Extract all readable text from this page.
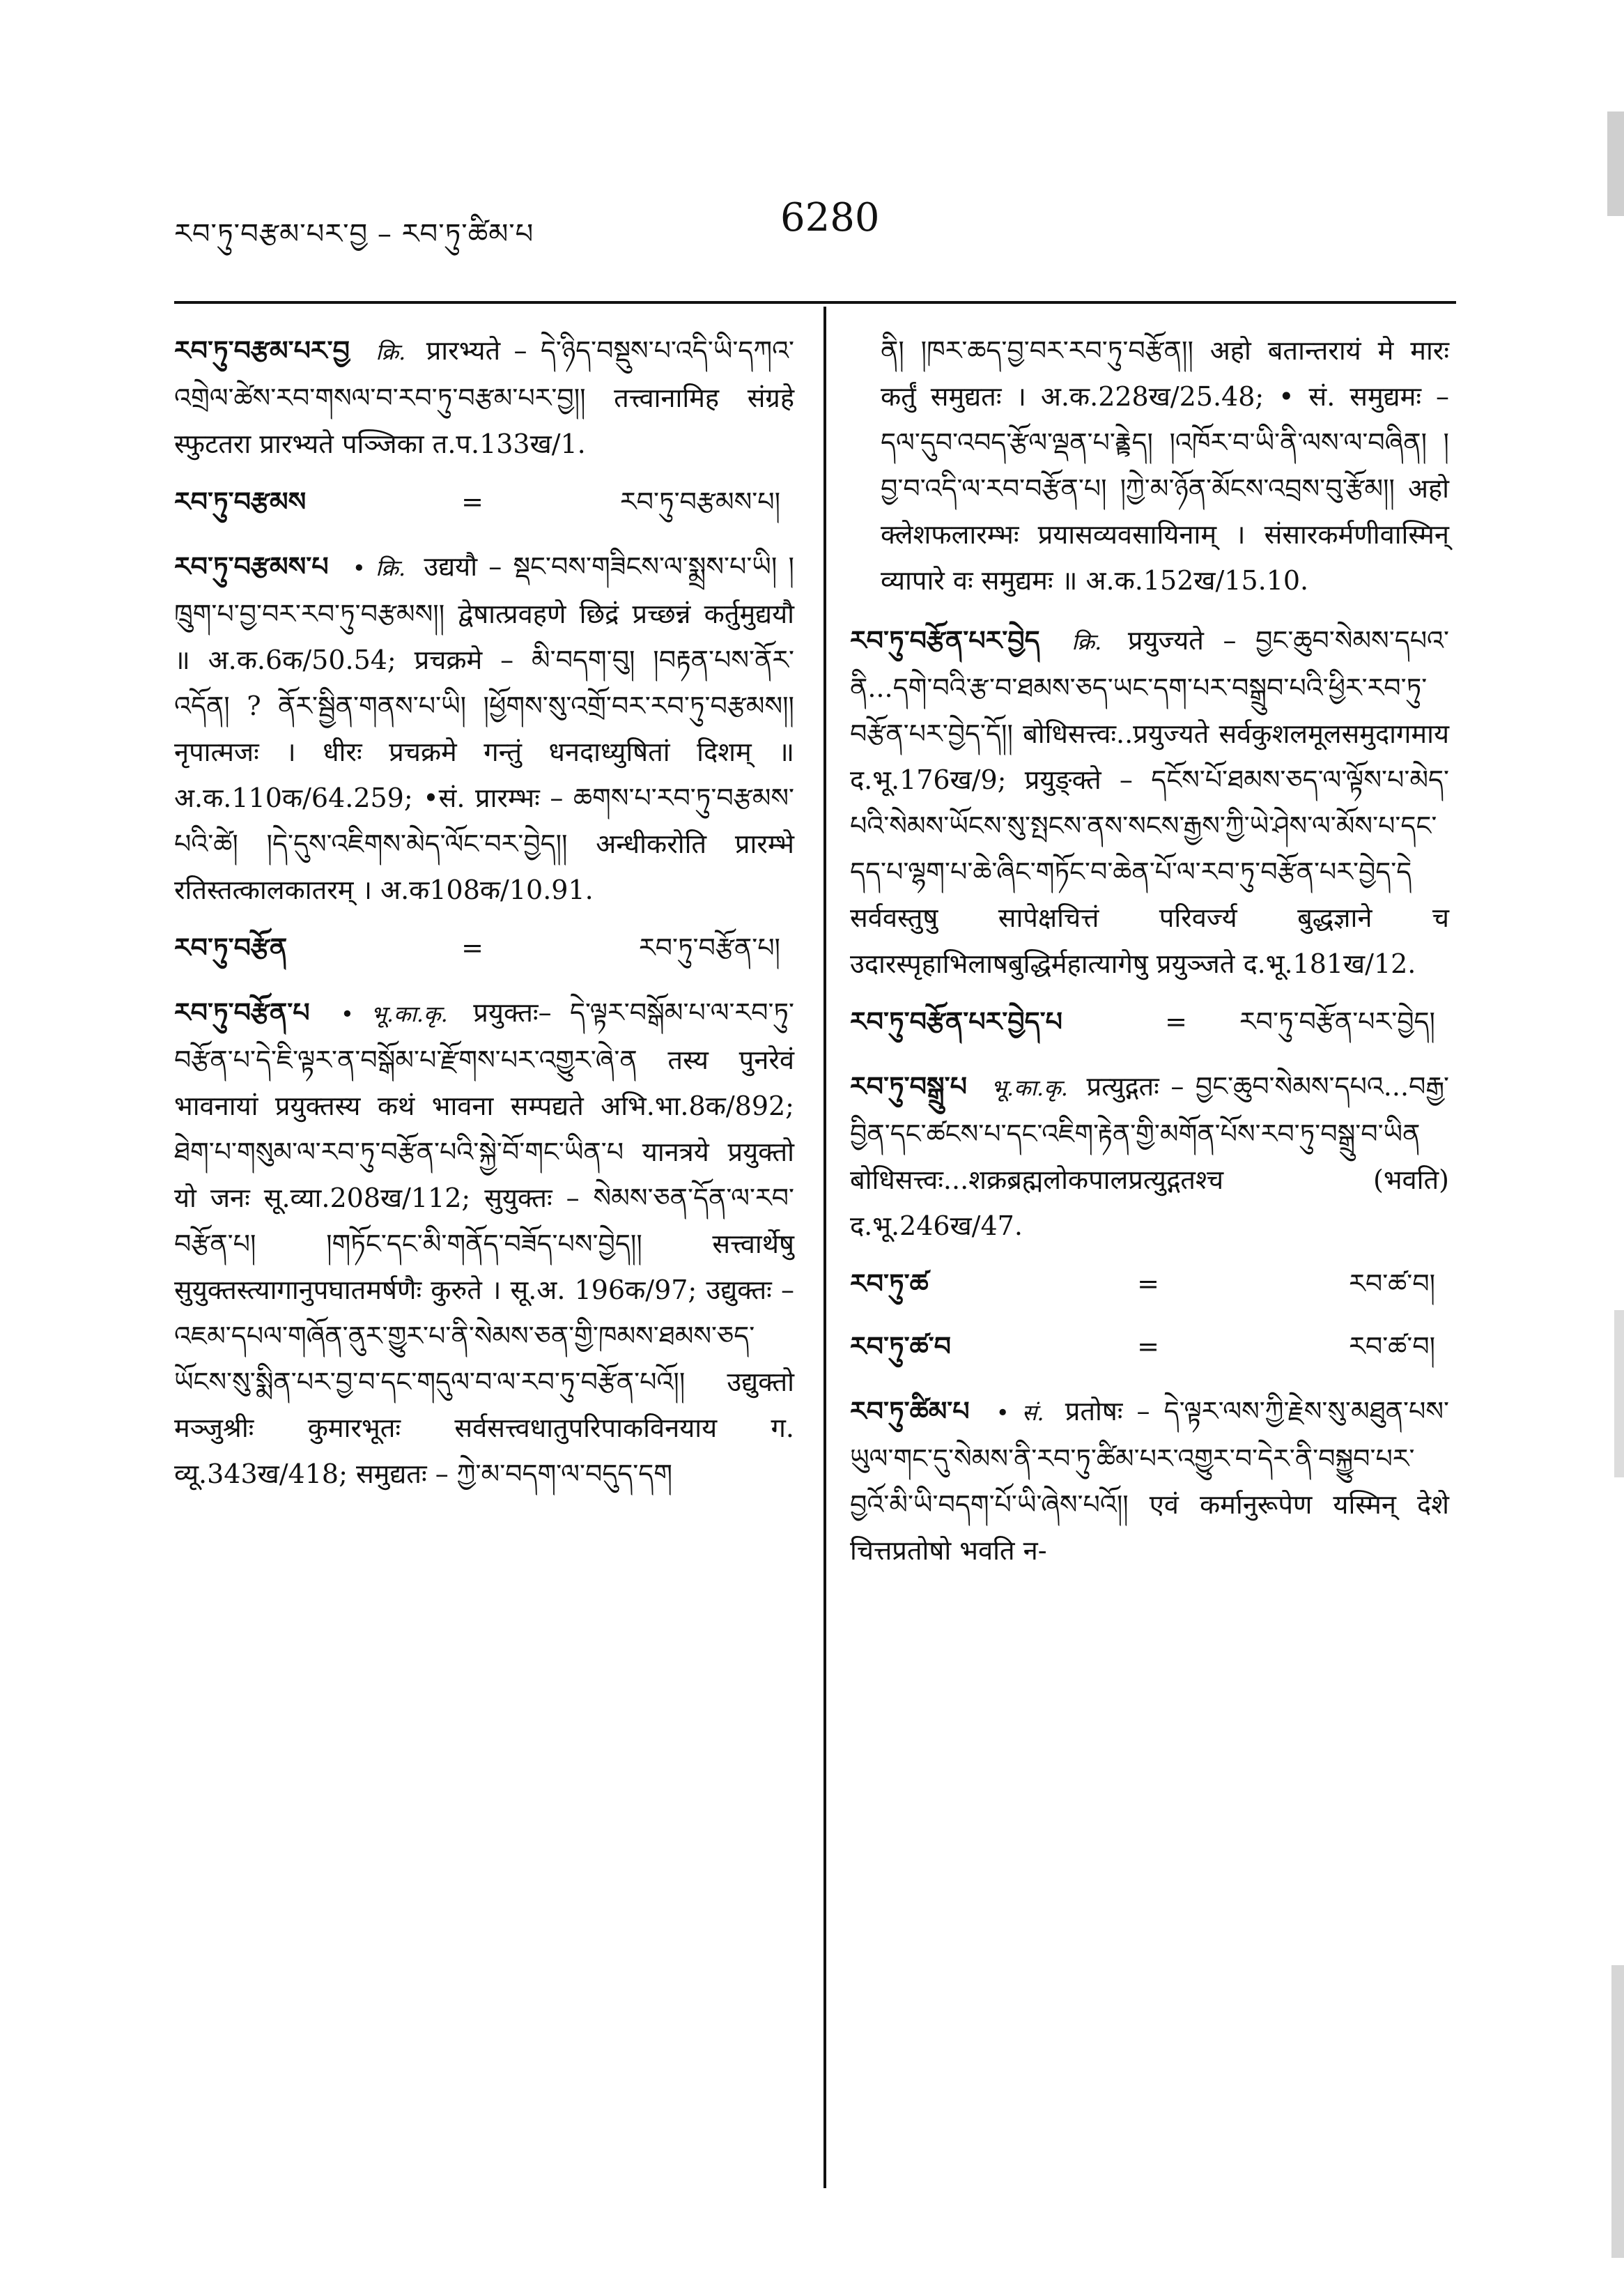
རབ་ཏུ་བརྩམ་པར་བྱ – རབ་ཏུ་ཚིམ་པ	6280

རབ་ཏུ་བརྩམ་པར་བྱ क्रि. प्रारभ्यते – དེ་ཉིད་བསྡུས་པ་འདི་ཡི་དཀའ་འགྲེལ་ཚེས་རབ་གསལ་བ་རབ་ཏུ་བརྩམ་པར་བྱ།། तत्त्वानामिह संग्रहे स्फुटतरा प्रारभ्यते पञ्जिका त.प.133ख/1.

རབ་ཏུ་བརྩམས	=	རབ་ཏུ་བརྩམས་པ།

རབ་ཏུ་བརྩམས་པ • क्रि. उद्ययौ – སྡང་བས་གཟིངས་ལ་སྨྲས་པ་ཡི། །ཁྲུག་པ་བྱ་བར་རབ་ཏུ་བརྩམས།། द्वेषात्प्रवहणे छिद्रं प्रच्छन्नं कर्तुमुद्ययौ ॥ अ.क.6क/50.54; प्रचक्रमे – མི་བདག་བུ། །བརྟན་པས་ནོར་འདོན། ? ནོར་སྦྱིན་གནས་པ་ཡི། །ཕྱོགས་སུ་འགྲོ་བར་རབ་ཏུ་བརྩམས།། नृपात्मजः । धीरः प्रचक्रमे गन्तुं धनदाध्युषितां दिशम् ॥ अ.क.110क/64.259; •सं. प्रारम्भः – ཆགས་པ་རབ་ཏུ་བརྩམས་པའི་ཚེ། །དེ་དུས་འཇིགས་མེད་ལོང་བར་བྱེད།། अन्धीकरोति प्रारम्भे रतिस्तत्कालकातरम् । अ.क108क/10.91.

རབ་ཏུ་བརྩོན	=	རབ་ཏུ་བརྩོན་པ།

རབ་ཏུ་བརྩོན་པ • भू.का.कृ. प्रयुक्तः– དེ་ལྟར་བསྒོམ་པ་ལ་རབ་ཏུ་བརྩོན་པ་དེ་ཇི་ལྟར་ན་བསྒོམ་པ་རྫོགས་པར་འགྱུར་ཞེ་ན तस्य पुनरेवं भावनायां प्रयुक्तस्य कथं भावना सम्पद्यते अभि.भा.8क/892; ཐེག་པ་གསུམ་ལ་རབ་ཏུ་བརྩོན་པའི་སྐྱེ་བོ་གང་ཡིན་པ यानत्रये प्रयुक्तो यो जनः सू.व्या.208ख/112; सुयुक्तः – སེམས་ཅན་དོན་ལ་རབ་བརྩོན་པ། །གཏོང་དང་མི་གནོད་བཟོད་པས་བྱེད།། सत्त्वार्थेषु सुयुक्तस्त्यागानुपघातमर्षणैः कुरुते । सू.अ. 196क/97; उद्युक्तः – འཇམ་དཔལ་གཞོན་ནུར་གྱུར་པ་ནི་སེམས་ཅན་གྱི་ཁམས་ཐམས་ཅད་ཡོངས་སུ་སྨིན་པར་བྱ་བ་དང་གདུལ་བ་ལ་རབ་ཏུ་བརྩོན་པའོ།། उद्युक्तो मञ्जुश्रीः कुमारभूतः सर्वसत्त्वधातुपरिपाकविनयाय ग. व्यू.343ख/418; समुद्यतः – ཀྱེ་མ་བདག་ལ་བདུད་དག

ནི། །ཁར་ཆད་བྱ་བར་རབ་ཏུ་བརྩོན།། अहो बतान्तरायं मे मारः कर्तुं समुद्यतः । अ.क.228ख/25.48; • सं. समुद्यमः – དལ་དུབ་འབད་རྩོལ་ལྡན་པ་རྣྟེད། །འཁོར་བ་ཡི་ནི་ལས་ལ་བཞིན། །བྱ་བ་འདི་ལ་རབ་བརྩོན་པ། །ཀྱེ་མ་ཉོན་མོངས་འབྲས་བུ་རྩོམ།། अहो क्लेशफलारम्भः प्रयासव्यवसायिनाम् । संसारकर्मणीवास्मिन् व्यापारे वः समुद्यमः ॥ अ.क.152ख/15.10.

རབ་ཏུ་བརྩོན་པར་བྱེད क्रि. प्रयुज्यते – བྱང་ཆུབ་སེམས་དཔའ་ནི...དགེ་བའི་རྩ་བ་ཐམས་ཅད་ཡང་དག་པར་བསྒྲུབ་པའི་ཕྱིར་རབ་ཏུ་བརྩོན་པར་བྱེད་དོ།། बोधिसत्त्वः..प्रयुज्यते सर्वकुशलमूलसमुदागमाय द.भू.176ख/9; प्रयुङ्क्ते – དངོས་པོ་ཐམས་ཅད་ལ་ལྟོས་པ་མེད་པའི་སེམས་ཡོངས་སུ་སྤངས་ནས་སངས་རྒྱས་ཀྱི་ཡེ་ཤེས་ལ་མོས་པ་དང་དད་པ་ལྷག་པ་ཆེ་ཞིང་གཏོང་བ་ཆེན་པོ་ལ་རབ་ཏུ་བརྩོན་པར་བྱེད་དེ सर्ववस्तुषु सापेक्षचित्तं परिवर्ज्य बुद्धज्ञाने च उदारस्पृहाभिलाषबुद्धिर्महात्यागेषु प्रयुञ्जते द.भू.181ख/12.

རབ་ཏུ་བརྩོན་པར་བྱེད་པ	=	རབ་ཏུ་བརྩོན་པར་བྱེད།

རབ་ཏུ་བསྒྲུ་པ भू.का.कृ. प्रत्युद्गतः – བྱང་ཆུབ་སེམས་དཔའ...བརྒྱ་བྱིན་དང་ཚངས་པ་དང་འཇིག་རྟེན་གྱི་མགོན་པོས་རབ་ཏུ་བསྒྲུ་བ་ཡིན बोधिसत्त्वः...शक्रब्रह्मलोकपालप्रत्युद्गतश्च (भवति) द.भू.246ख/47.

རབ་ཏུ་ཚ	=	རབ་ཚ་བ།
རབ་ཏུ་ཚ་བ	=	རབ་ཚ་བ།

རབ་ཏུ་ཚིམ་པ • सं. प्रतोषः – དེ་ལྟར་ལས་ཀྱི་རྗེས་སུ་མཐུན་པས་ཡུལ་གང་དུ་སེམས་ནི་རབ་ཏུ་ཚིམ་པར་འགྱུར་བ་དེར་ནི་བསྐྱུབ་པར་བྱའོ་མི་ཡི་བདག་པོ་ཡི་ཞེས་པའོ།། एवं कर्मानुरूपेण यस्मिन् देशे चित्तप्रतोषो भवति न-
